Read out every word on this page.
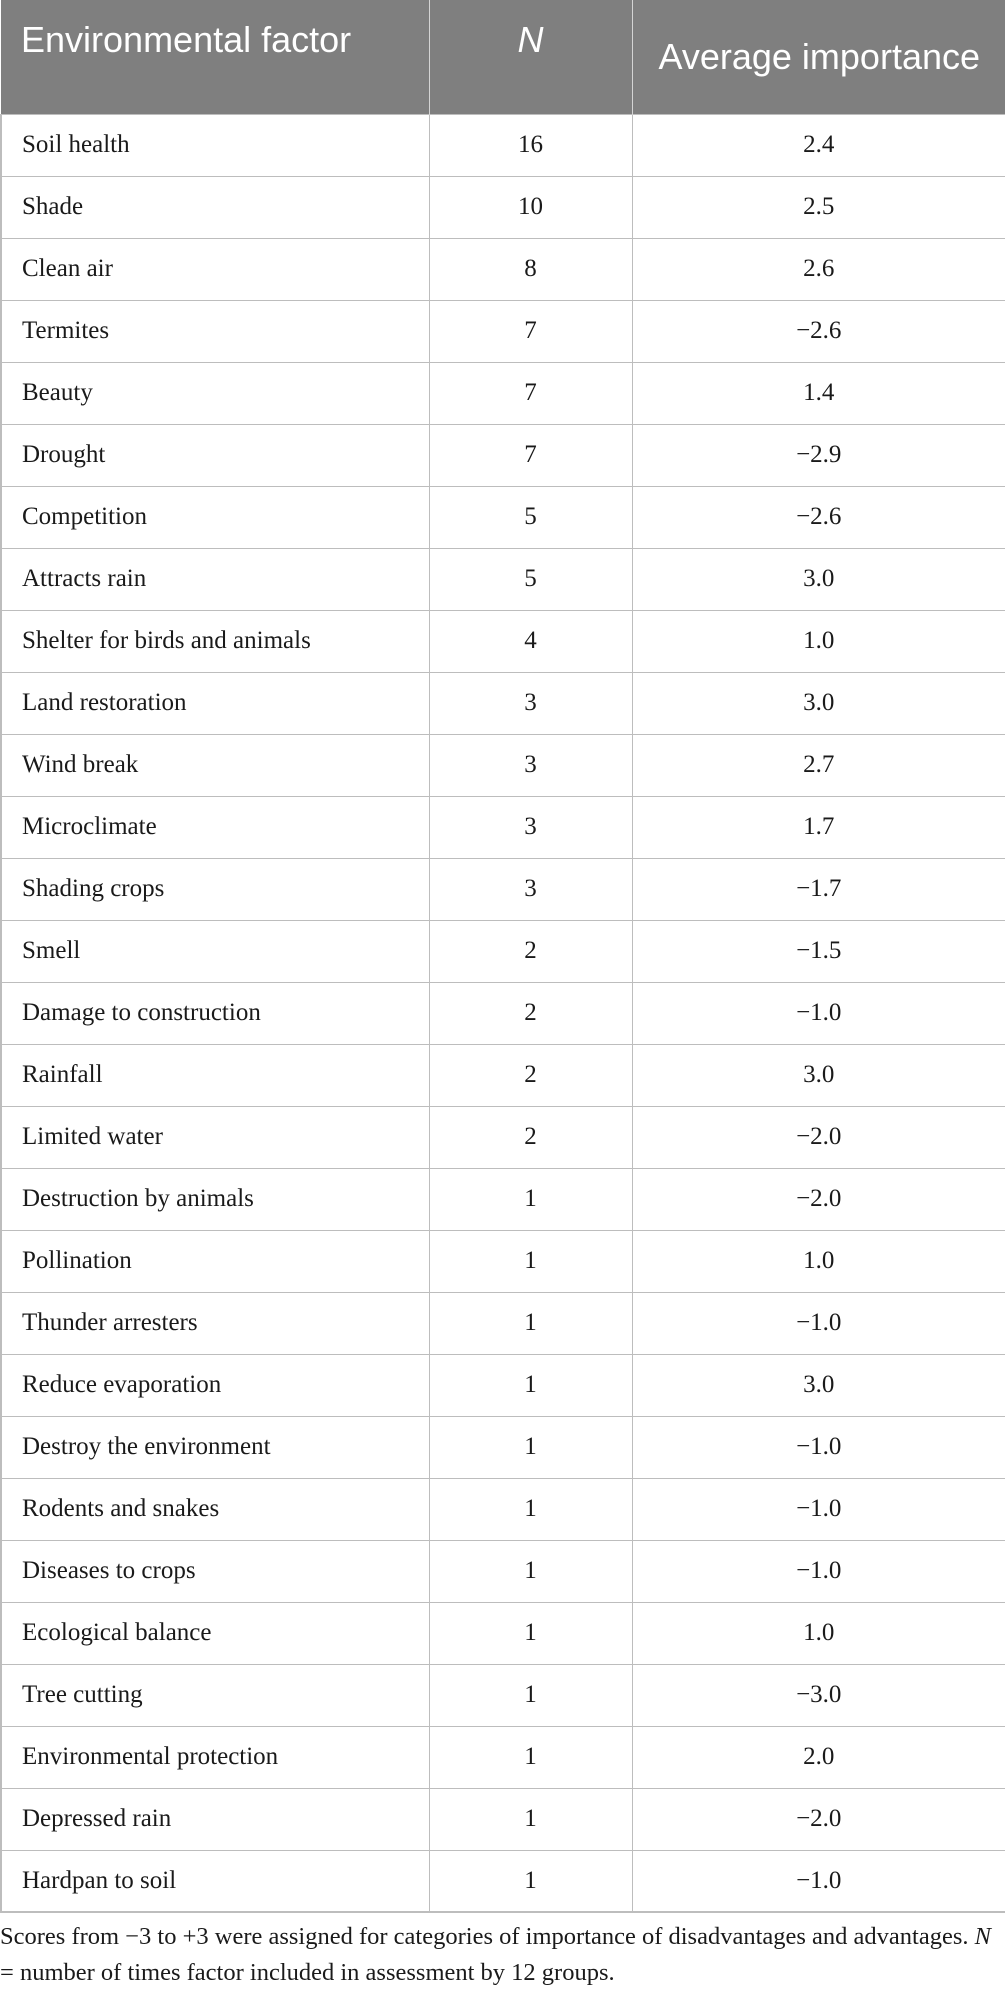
Environmental factor	N	Average importance
Soil health	16	2.4
Shade	10	2.5
Clean air	8	2.6
Termites	7	−2.6
Beauty	7	1.4
Drought	7	−2.9
Competition	5	−2.6
Attracts rain	5	3.0
Shelter for birds and animals	4	1.0
Land restoration	3	3.0
Wind break	3	2.7
Microclimate	3	1.7
Shading crops	3	−1.7
Smell	2	−1.5
Damage to construction	2	−1.0
Rainfall	2	3.0
Limited water	2	−2.0
Destruction by animals	1	−2.0
Pollination	1	1.0
Thunder arresters	1	−1.0
Reduce evaporation	1	3.0
Destroy the environment	1	−1.0
Rodents and snakes	1	−1.0
Diseases to crops	1	−1.0
Ecological balance	1	1.0
Tree cutting	1	−3.0
Environmental protection	1	2.0
Depressed rain	1	−2.0
Hardpan to soil	1	−1.0
Scores from −3 to +3 were assigned for categories of importance of disadvantages and advantages. N = number of times factor included in assessment by 12 groups.
